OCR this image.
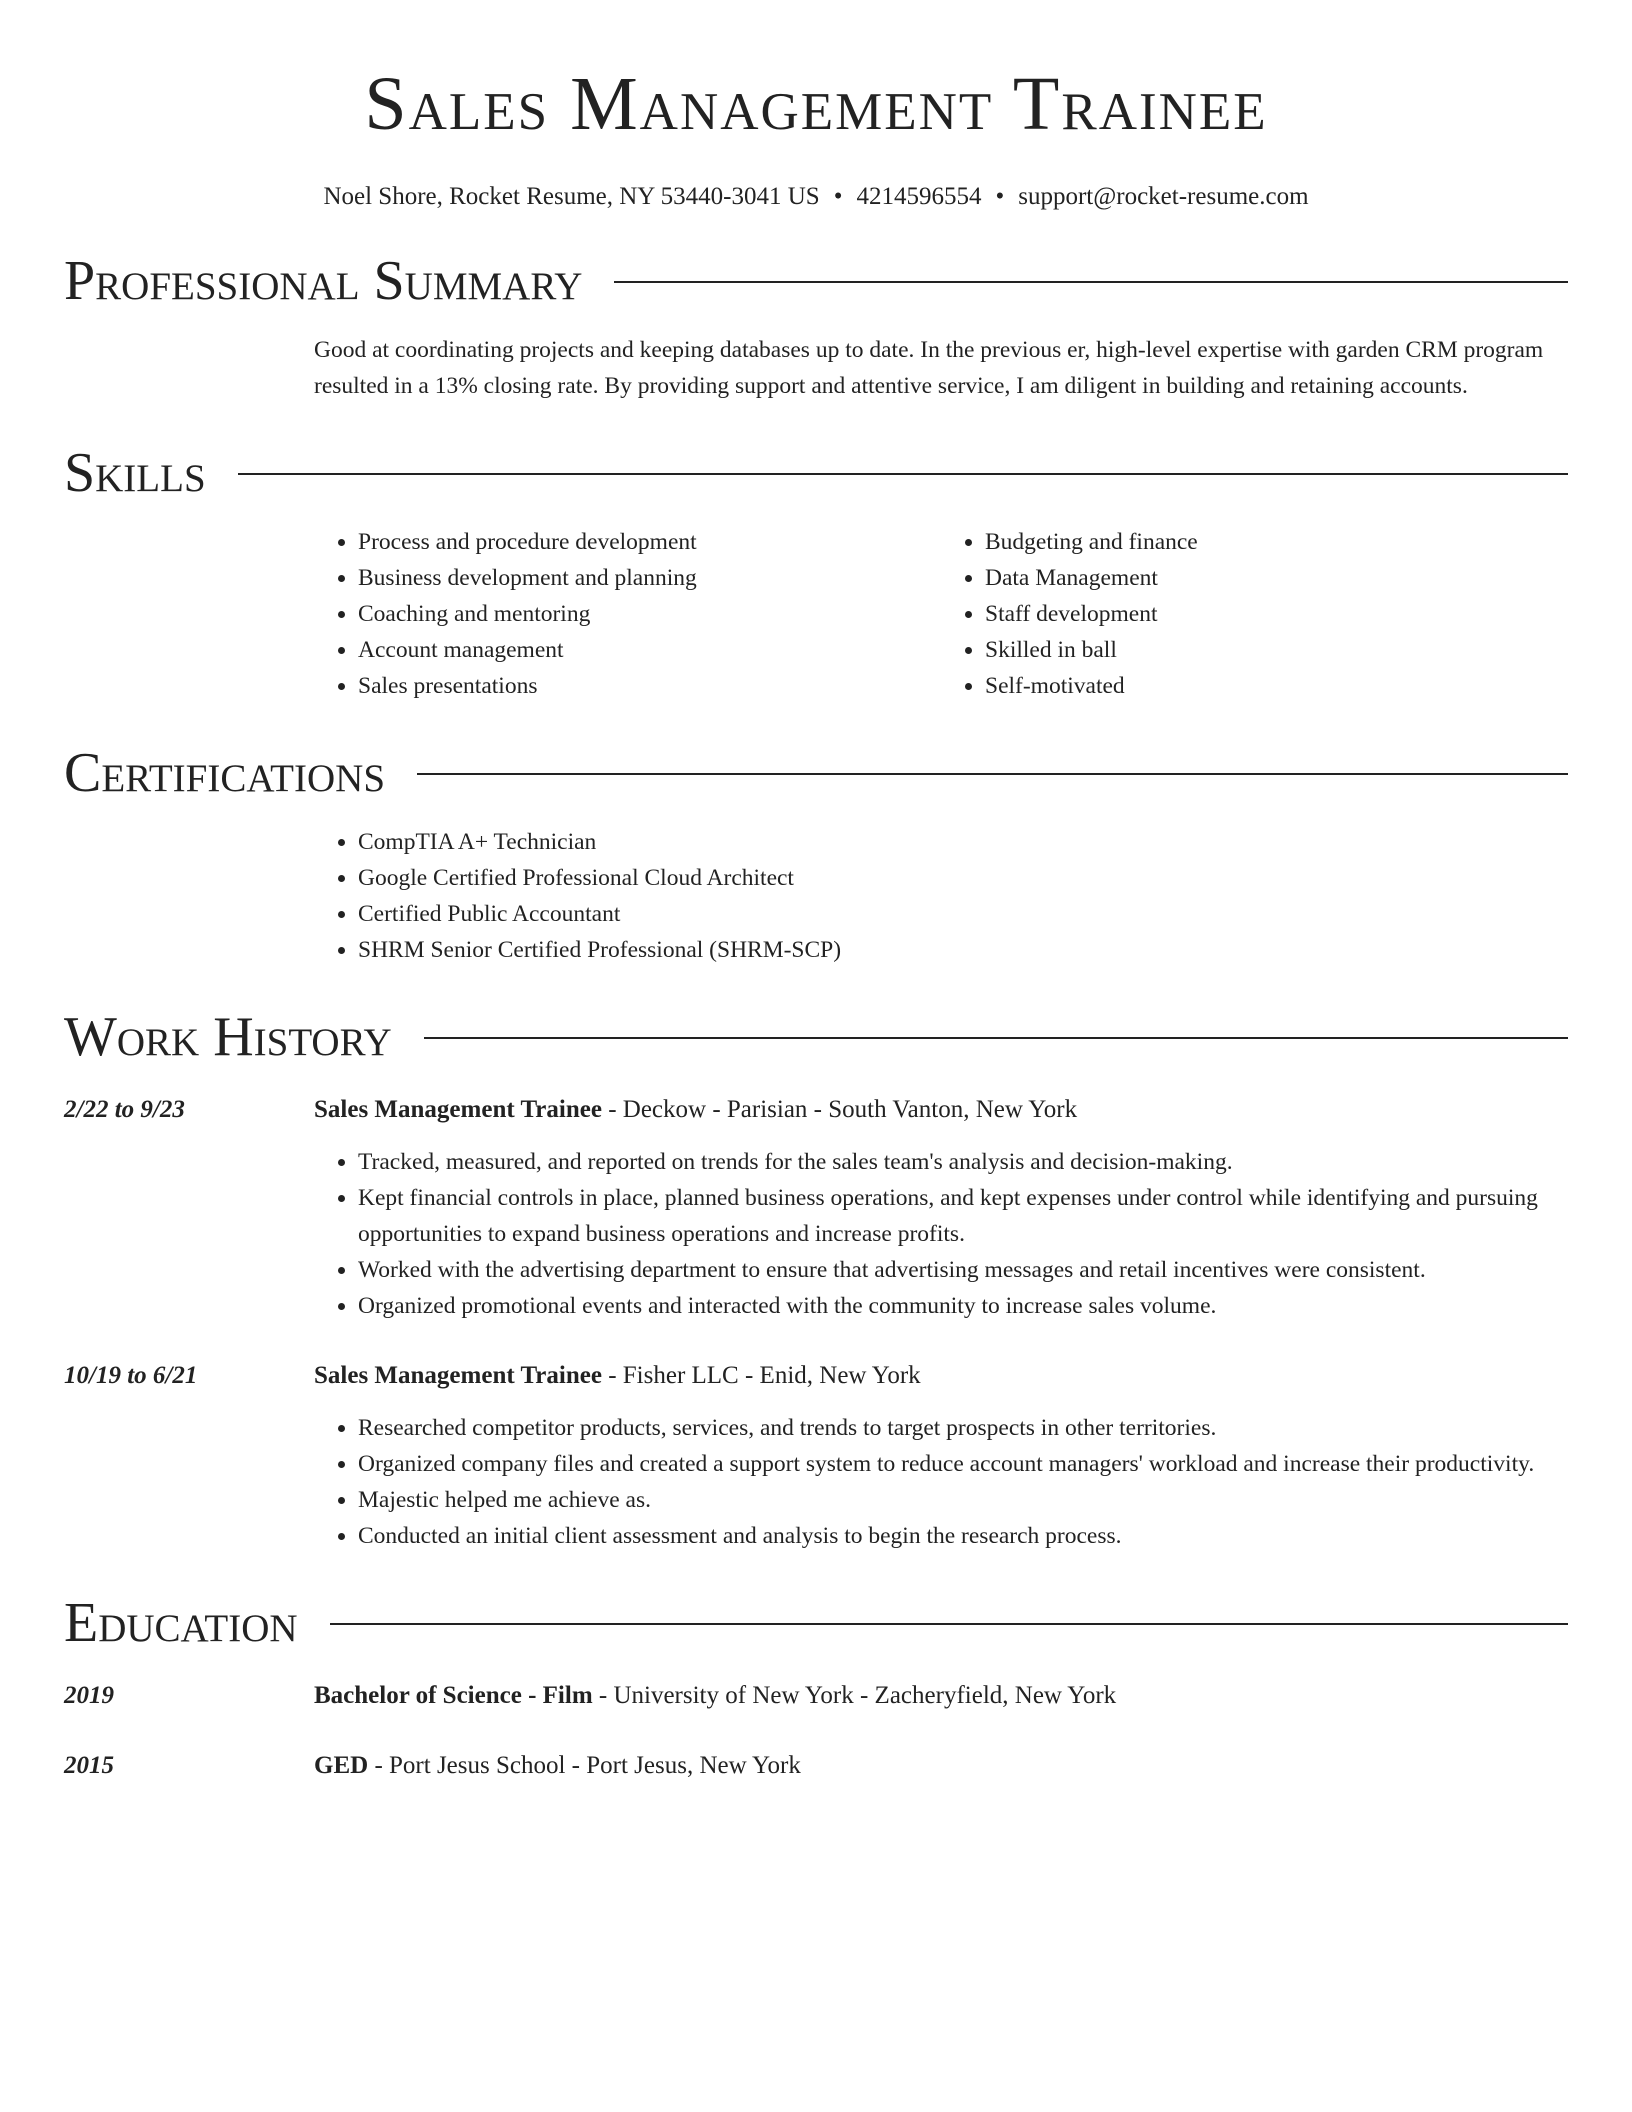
Sales Management Trainee
Noel Shore, Rocket Resume, NY 53440-3041 US • 4214596554 • support@rocket-resume.com
Professional Summary
Good at coordinating projects and keeping databases up to date. In the previous er, high-level expertise with garden CRM program resulted in a 13% closing rate. By providing support and attentive service, I am diligent in building and retaining accounts.
Skills
• Process and procedure development
• Business development and planning
• Coaching and mentoring
• Account management
• Sales presentations
• Budgeting and finance
• Data Management
• Staff development
• Skilled in ball
• Self-motivated
Certifications
• CompTIA A+ Technician
• Google Certified Professional Cloud Architect
• Certified Public Accountant
• SHRM Senior Certified Professional (SHRM-SCP)
Work History
2/22 to 9/23	Sales Management Trainee - Deckow - Parisian - South Vanton, New York
• Tracked, measured, and reported on trends for the sales team's analysis and decision-making.
• Kept financial controls in place, planned business operations, and kept expenses under control while identifying and pursuing opportunities to expand business operations and increase profits.
• Worked with the advertising department to ensure that advertising messages and retail incentives were consistent.
• Organized promotional events and interacted with the community to increase sales volume.
10/19 to 6/21	Sales Management Trainee - Fisher LLC - Enid, New York
• Researched competitor products, services, and trends to target prospects in other territories.
• Organized company files and created a support system to reduce account managers' workload and increase their productivity.
• Majestic helped me achieve as.
• Conducted an initial client assessment and analysis to begin the research process.
Education
2019	Bachelor of Science - Film - University of New York - Zacheryfield, New York
2015	GED - Port Jesus School - Port Jesus, New York
